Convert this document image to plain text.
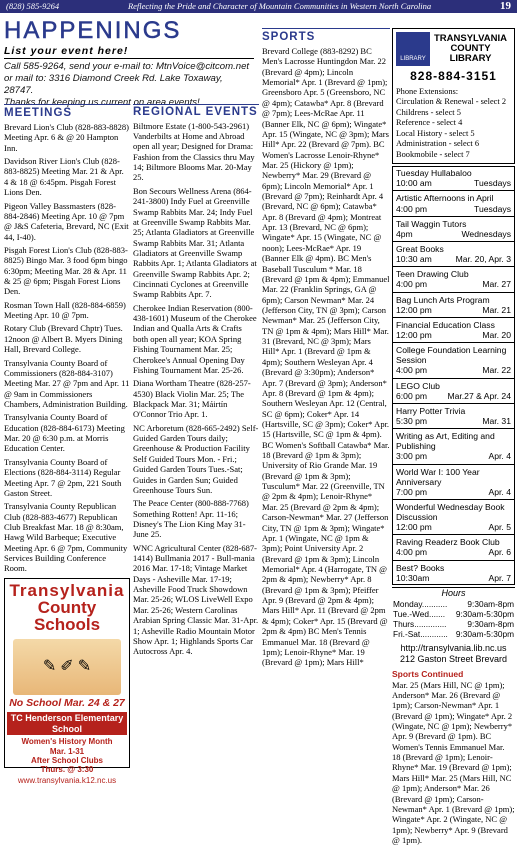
(828) 585-9264	Reflecting the Pride and Character of Mountain Communities in Western North Carolina	19
HAPPENINGS
List your event here!
Call 585-9264, send your e-mail to: MtnVoice@citcom.net
or mail to: 3316 Diamond Creek Rd. Lake Toxaway, 28747.
Thanks for keeping us current on area events!
MEETINGS

Brevard Lion's Club (828-883-8828) Meeting Apr. 6 & @ 20 Hampton Inn.

Davidson River Lion's Club (828-883-8825) Meeting Mar. 21 & Apr. 4 & 18 @ 6:45pm. Pisgah Forest Lions Den.

Pigeon Valley Bassmasters (828-884-2846) Meeting Apr. 10 @ 7pm @ J&S Cafeteria, Brevard, NC (Exit 44, I-40).

Pisgah Forest Lion's Club (828-883-8825) Bingo Mar. 3 food 6pm bingo 6:30pm; Meeting Mar. 28 & Apr. 11 & 25 @ 6pm; Pisgah Forest Lions Den.

Rosman Town Hall (828-884-6859) Meeting Apr. 10 @ 7pm.

Rotary Club (Brevard Chptr) Tues. 12noon @ Albert B. Myers Dining Hall, Brevard College.

Transylvania County Board of Commissioners (828-884-3107) Meeting Mar. 27 @ 7pm and Apr. 11 @ 9am in Commissioners Chambers, Administration Building.

Transylvania County Board of Education (828-884-6173) Meeting Mar. 20 @ 6:30 p.m. at Morris Education Center.

Transylvania County Board of Elections (828-884-3114) Regular Meeting Apr. 7 @ 2pm, 221 South Gaston Street.

Transylvania County Republican Club (828-883-4677) Republican Club Breakfast Mar. 18 @ 8:30am, Hawg Wild Barbeque; Executive Meeting Apr. 6 @ 7pm, Community Services Building Conference Room.

Transylvania
County Schools
✎ ✐ ✎
No School Mar. 24 & 27
TC Henderson Elementary School
Women's History Month
Mar. 1-31
After School Clubs
Thurs. @ 3:30
www.transylvania.k12.nc.us
REGIONAL EVENTS

Biltmore Estate (1-800-543-2961) Vanderbilts at Home and Abroad open all year; Designed for Drama: Fashion from the Classics thru May 14; Biltmore Blooms Mar. 20-May 25.

Bon Secours Wellness Arena (864-241-3800) Indy Fuel at Greenville Swamp Rabbits Mar. 24; Indy Fuel at Greenville Swamp Rabbits Mar. 25; Atlanta Gladiators at Greenville Swamp Rabbits Mar. 31; Atlanta Gladiators at Greenville Swamp Rabbits Apr. 1; Atlanta Gladiators at Greenville Swamp Rabbits Apr. 2; Cincinnati Cyclones at Greenville Swamp Rabbits Apr. 7.

Cherokee Indian Reservation (800-438-1601) Museum of the Cherokee Indian and Qualla Arts & Crafts both open all year; KOA Spring Fishing Tournament Mar. 25; Cherokee's Annual Opening Day Fishing Tournament Mar. 25-26.

Diana Wortham Theatre (828-257-4530) Black Violin Mar. 25; The Blackpack Mar. 31; Máirtín O'Connor Trio Apr. 1.

NC Arboretum (828-665-2492) Self-Guided Garden Tours daily; Greenhouse & Production Facility Self Guided Tours Mon. - Fri.; Guided Garden Tours Tues.-Sat; Guides in Garden Sun; Guided Greenhouse Tours Sun.

The Peace Center (800-888-7768) Something Rotten! Apr. 11-16; Disney's The Lion King May 31-June 25.

WNC Agricultural Center (828-687-1414) Bullmania 2017 - Bull-mania 2016 Mar. 17-18; Vintage Market Days - Asheville Mar. 17-19; Asheville Food Truck Showdown Mar. 25-26; WLOS LiveWell Expo Mar. 25-26; Western Carolinas Arabian Spring Classic Mar. 31-Apr. 1; Asheville Radio Mountain Motor Show Apr. 1; Highlands Sports Car Autocross Apr. 4.

SPORTS

Brevard College (883-8292) BC Men's Lacrosse Huntingdon Mar. 22 (Brevard @ 4pm); Lincoln Memorial* Apr. 1 (Brevard @ 1pm); Greensboro Apr. 5 (Greensboro, NC @ 4pm); Catawba* Apr. 8 (Brevard @ 7pm); Lees-McRae Apr. 11 (Banner Elk, NC @ 6pm); Wingate* Apr. 15 (Wingate, NC @ 3pm); Mars Hill* Apr. 22 (Brevard @ 7pm). BC Women's Lacrosse Lenoir-Rhyne* Mar. 25 (Hickory @ 1pm); Newberry* Mar. 29 (Brevard @ 6pm); Lincoln Memorial* Apr. 1 (Brevard @ 7pm); Reinhardt Apr. 4 (Brevard, NC @ 6pm); Catawba* Apr. 8 (Brevard @ 4pm); Montreat Apr. 13 (Brevard, NC @ 6pm); Wingate* Apr. 15 (Wingate, NC @ noon); Lees-McRae* Apr. 19 (Banner Elk @ 4pm). BC Men's Baseball Tusculum * Mar. 18 (Brevard @ 1pm & 4pm); Emmanuel Mar. 22 (Franklin Springs, GA @ 6pm); Carson Newman* Mar. 24 (Jefferson City, TN @ 3pm); Carson Newman* Mar. 25 (Jefferson City, TN @ 1pm & 4pm); Mars Hill* Mar. 31 (Brevard, NC @ 3pm); Mars Hill* Apr. 1 (Brevard @ 1pm & 4pm); Southern Wesleyan Apr. 4 (Brevard @ 3:30pm); Anderson* Apr. 7 (Brevard @ 3pm); Anderson* Apr. 8 (Brevard @ 1pm & 4pm); Southern Wesleyan Apr. 12 (Central, SC @ 6pm); Coker* Apr. 14 (Hartsville, SC @ 3pm); Coker* Apr. 15 (Hartsville, SC @ 1pm & 4pm). BC Women's Softball Catawba* Mar. 18 (Brevard @ 1pm & 3pm); University of Rio Grande Mar. 19 (Brevard @ 1pm & 3pm); Tusculum* Mar. 22 (Greenville, TN @ 2pm & 4pm); Lenoir-Rhyne* Mar. 25 (Brevard @ 2pm & 4pm); Carson-Newman* Mar. 27 (Jefferson City, TN @ 1pm & 3pm); Wingate* Apr. 1 (Wingate, NC @ 1pm & 3pm); Point University Apr. 2 (Brevard @ 1pm & 3pm); Lincoln Memorial* Apr. 4 (Harrogate, TN @ 2pm & 4pm); Newberry* Apr. 8 (Brevard @ 1pm & 3pm); Pfeiffer Apr. 9 (Brevard @ 2pm & 4pm); Mars Hill* Apr. 11 (Brevard @ 2pm & 4pm); Coker* Apr. 15 (Brevard @ 2pm & 4pm) BC Men's Tennis Emmanuel Mar. 18 (Brevard @ 1pm); Lenoir-Rhyne* Mar. 19 (Brevard @ 1pm); Mars Hill*

LIBRARY
TRANSYLVANIA
COUNTY
LIBRARY
828-884-3151
Phone Extensions:
Circulation & Renewal - select 2
Childrens - select 5
Reference - select 4
Local History - select 5
Administration - select 6
Bookmobile - select 7
Tuesday Hullabaloo
10:00 am	Tuesdays
Artistic Afternoons in April
4:00 pm	Tuesdays
Tail Waggin Tutors
4pm	Wednesdays
Great Books
10:30 am	Mar. 20, Apr. 3
Teen Drawing Club
4:00 pm	Mar. 27
Bag Lunch Arts Program
12:00 pm	Mar. 21
Financial Education Class
12:00 pm	Mar. 20
College Foundation Learning Session
4:00 pm	Mar. 22
LEGO Club
6:00 pm Mar.27 & Apr. 24
Harry Potter Trivia
5:30 pm	Mar. 31
Writing as Art, Editing and Publishing
3:00 pm	Apr. 4
World War I: 100 Year Anniversary
7:00 pm	Apr. 4
Wonderful Wednesday Book Discussion
12:00 pm	Apr. 5
Raving Readerz Book Club
4:00 pm	Apr. 6
Best? Books
10:30am	Apr. 7
Hours
Monday........... 9:30am-8pm
Tue.-Wed....... 9:30am-5:30pm
Thurs..............	9:30am-8pm
Fri.-Sat............ 9:30am-5:30pm
http://transylvania.lib.nc.us
212 Gaston Street Brevard
Sports Continued
Mar. 25 (Mars Hill, NC @ 1pm); Anderson* Mar. 26 (Brevard @ 1pm); Carson-Newman* Apr. 1 (Brevard @ 1pm); Wingate* Apr. 2 (Wingate, NC @ 1pm); Newberry* Apr. 9 (Brevard @ 1pm). BC Women's Tennis Emmanuel Mar. 18 (Brevard @ 1pm); Lenoir-Rhyne* Mar. 19 (Brevard @ 1pm); Mars Hill* Mar. 25 (Mars Hill, NC @ 1pm); Anderson* Mar. 26 (Brevard @ 1pm); Carson-Newman* Apr. 1 (Brevard @ 1pm); Wingate* Apr. 2 (Wingate, NC @ 1pm); Newberry* Apr. 9 (Brevard @ 1pm).
